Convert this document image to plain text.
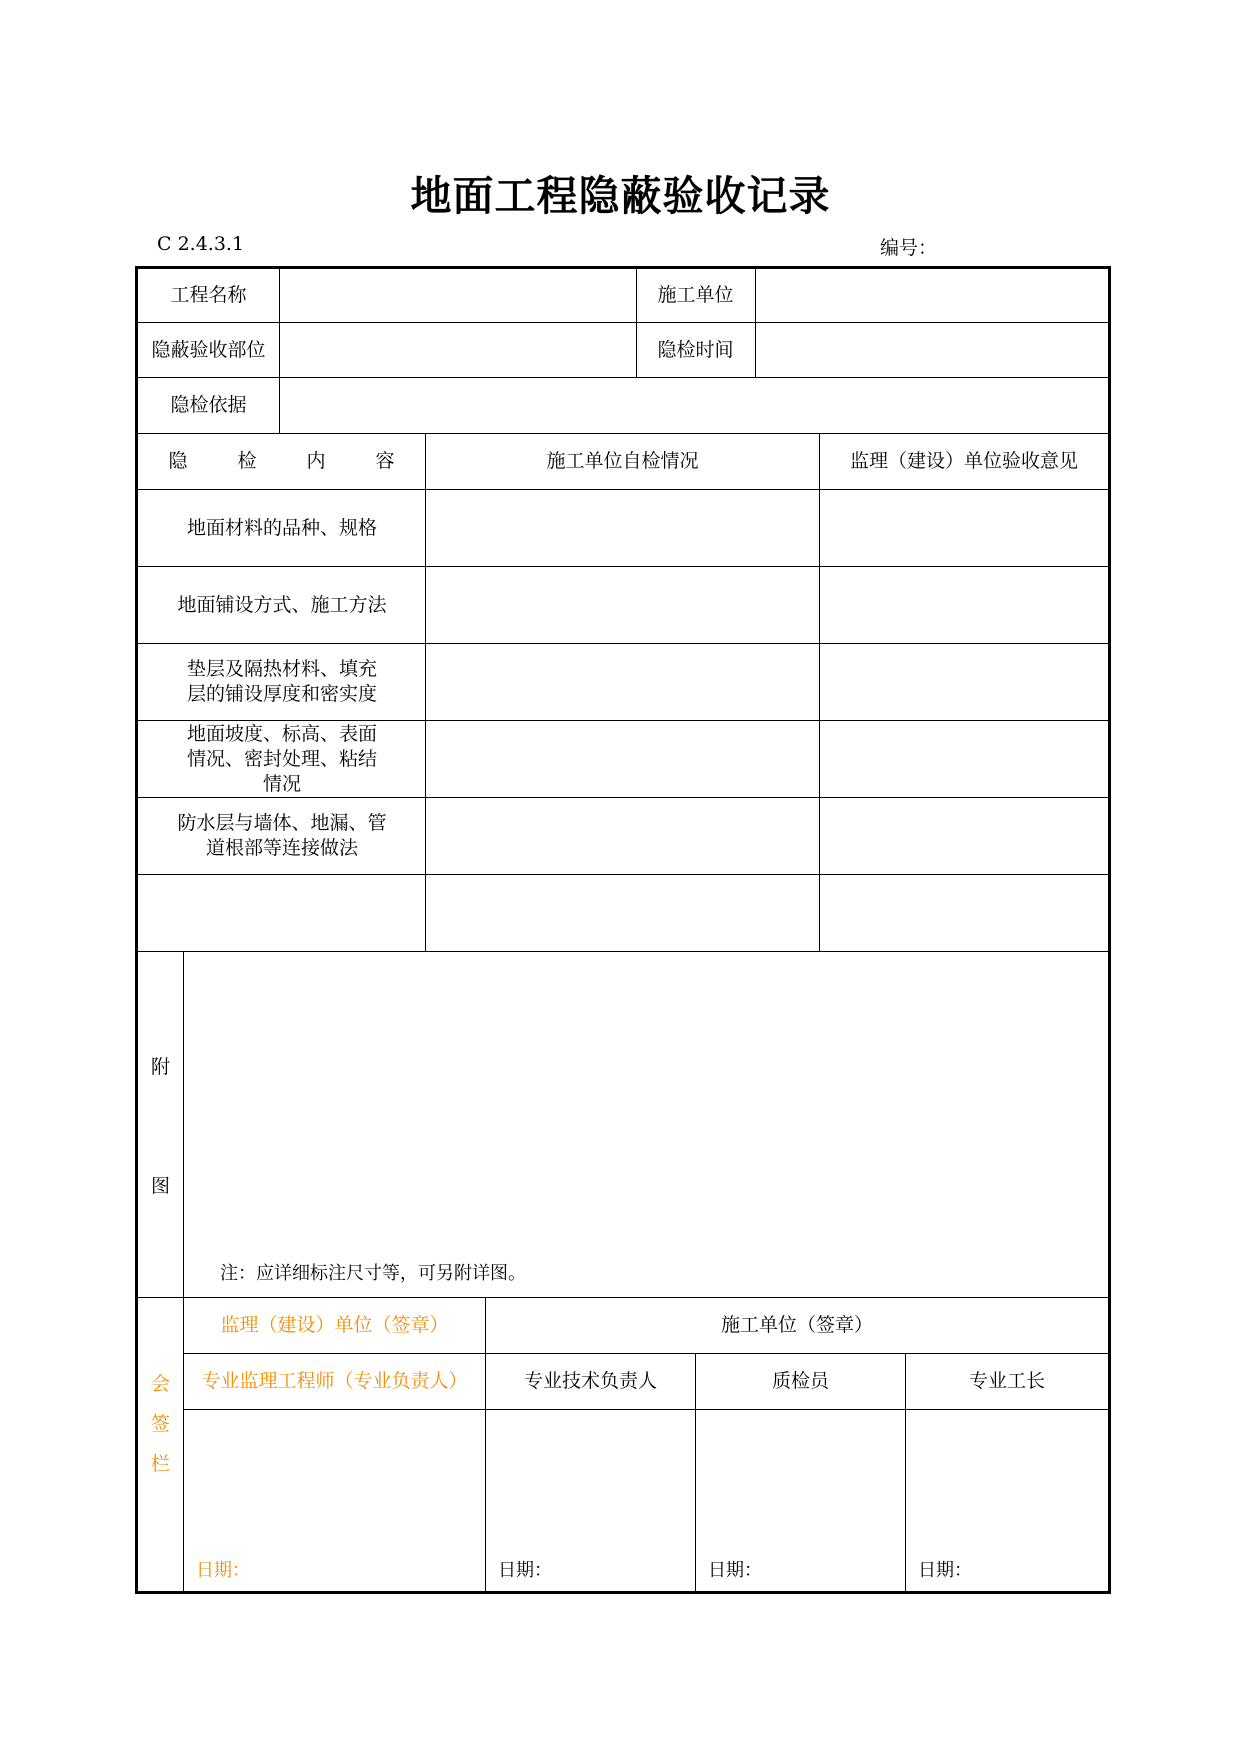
地面工程隐蔽验收记录
C 2.4.3.1	编号：
工程名称	施工单位
隐蔽验收部位	隐检时间
隐检依据
隐 检 内 容	施工单位自检情况	监理（建设）单位验收意见
地面材料的品种、规格
地面铺设方式、施工方法
垫层及隔热材料、填充层的铺设厚度和密实度
地面坡度、标高、表面情况、密封处理、粘结情况
防水层与墙体、地漏、管道根部等连接做法
附
图
注：应详细标注尺寸等，可另附详图。
会
签
栏
监理（建设）单位（签章）	施工单位（签章）
专业监理工程师（专业负责人）	专业技术负责人	质检员	专业工长
日期：	日期：	日期：	日期：
